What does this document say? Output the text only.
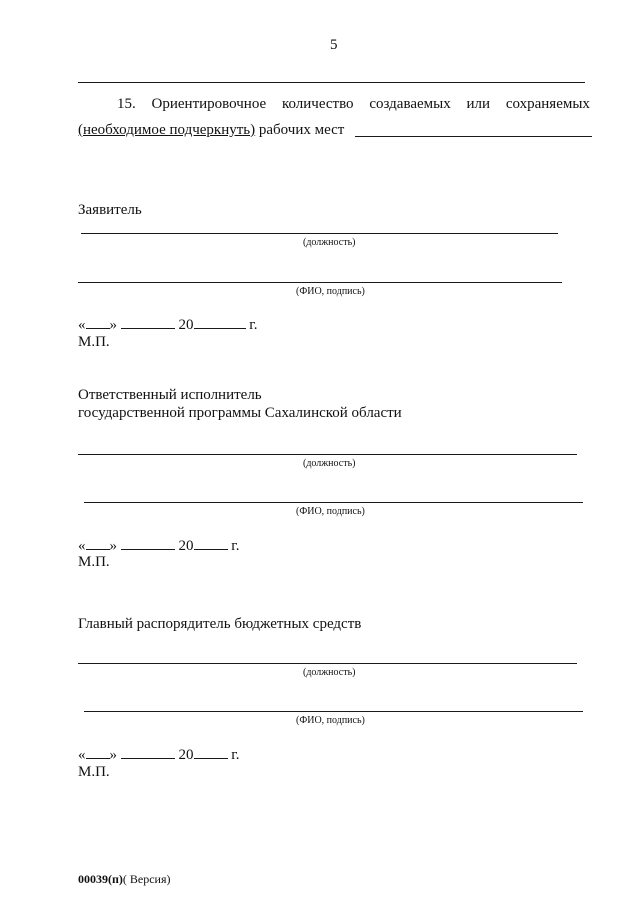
5
15. Ориентировочное количество создаваемых или сохраняемых
(необходимое подчеркнуть) рабочих мест
Заявитель
(должность)
(ФИО, подпись)
« »	20	г.
М.П.
Ответственный исполнитель
государственной программы Сахалинской области
(должность)
(ФИО, подпись)
« »	20	г.
М.П.
Главный распорядитель бюджетных средств
(должность)
(ФИО, подпись)
« »	20	г.
М.П.
00039(п)( Версия)
